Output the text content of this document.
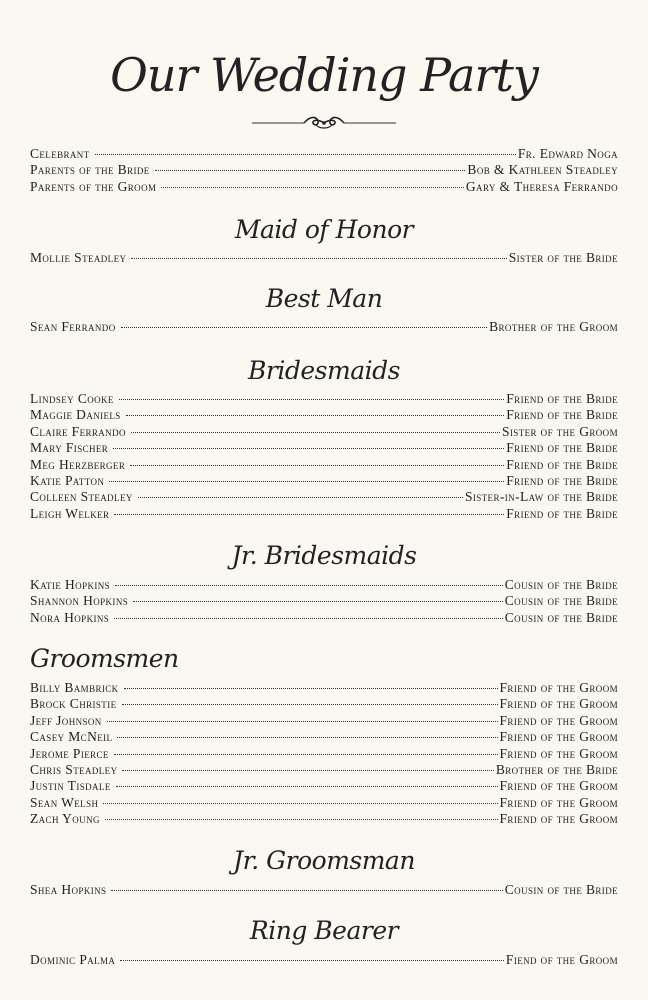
Our Wedding Party
Celebrant	Fr. Edward Noga
Parents of the Bride	Bob & Kathleen Steadley
Parents of the Groom	Gary & Theresa Ferrando
Maid of Honor
Mollie Steadley	Sister of the Bride
Best Man
Sean Ferrando	Brother of the Groom
Bridesmaids
Lindsey Cooke	Friend of the Bride
Maggie Daniels	Friend of the Bride
Claire Ferrando	Sister of the Groom
Mary Fischer	Friend of the Bride
Meg Herzberger	Friend of the Bride
Katie Patton	Friend of the Bride
Colleen Steadley	Sister-in-Law of the Bride
Leigh Welker	Friend of the Bride
Jr. Bridesmaids
Katie Hopkins	Cousin of the Bride
Shannon Hopkins	Cousin of the Bride
Nora Hopkins	Cousin of the Bride
Groomsmen
Billy Bambrick	Friend of the Groom
Brock Christie	Friend of the Groom
Jeff Johnson	Friend of the Groom
Casey McNeil	Friend of the Groom
Jerome Pierce	Friend of the Groom
Chris Steadley	Brother of the Bride
Justin Tisdale	Friend of the Groom
Sean Welsh	Friend of the Groom
Zach Young	Friend of the Groom
Jr. Groomsman
Shea Hopkins	Cousin of the Bride
Ring Bearer
Dominic Palma	Fiend of the Groom
